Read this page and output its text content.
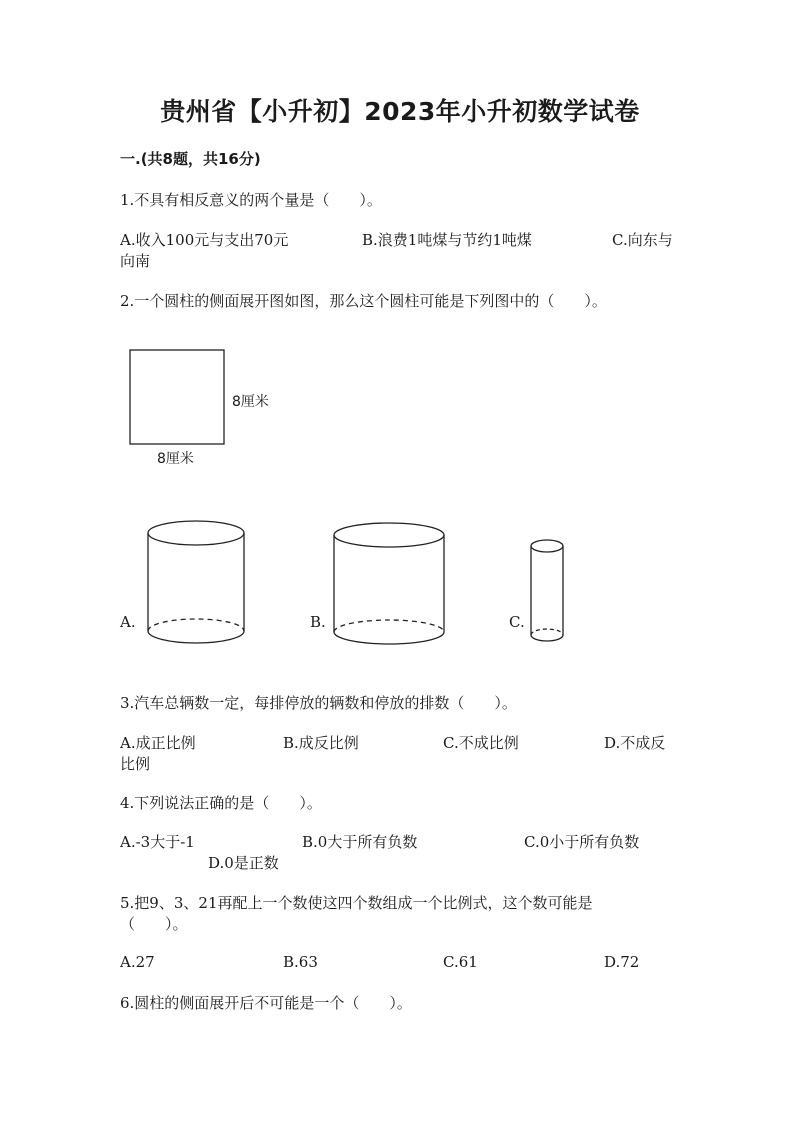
贵州省【小升初】2023年小升初数学试卷
一.(共8题，共16分)
1.不具有相反意义的两个量是（　　）。
A.收入100元与支出70元	B.浪费1吨煤与节约1吨煤	C.向东与
向南
2.一个圆柱的侧面展开图如图，那么这个圆柱可能是下列图中的（　　）。
8厘米
8厘米
A.	B.	C.
3.汽车总辆数一定，每排停放的辆数和停放的排数（　　）。
A.成正比例	B.成反比例	C.不成比例	D.不成反
比例
4.下列说法正确的是（　　）。
A.-3大于-1	B.0大于所有负数	C.0小于所有负数
D.0是正数
5.把9、3、21再配上一个数使这四个数组成一个比例式，这个数可能是
（　　）。
A.27	B.63	C.61	D.72
6.圆柱的侧面展开后不可能是一个（　　）。
